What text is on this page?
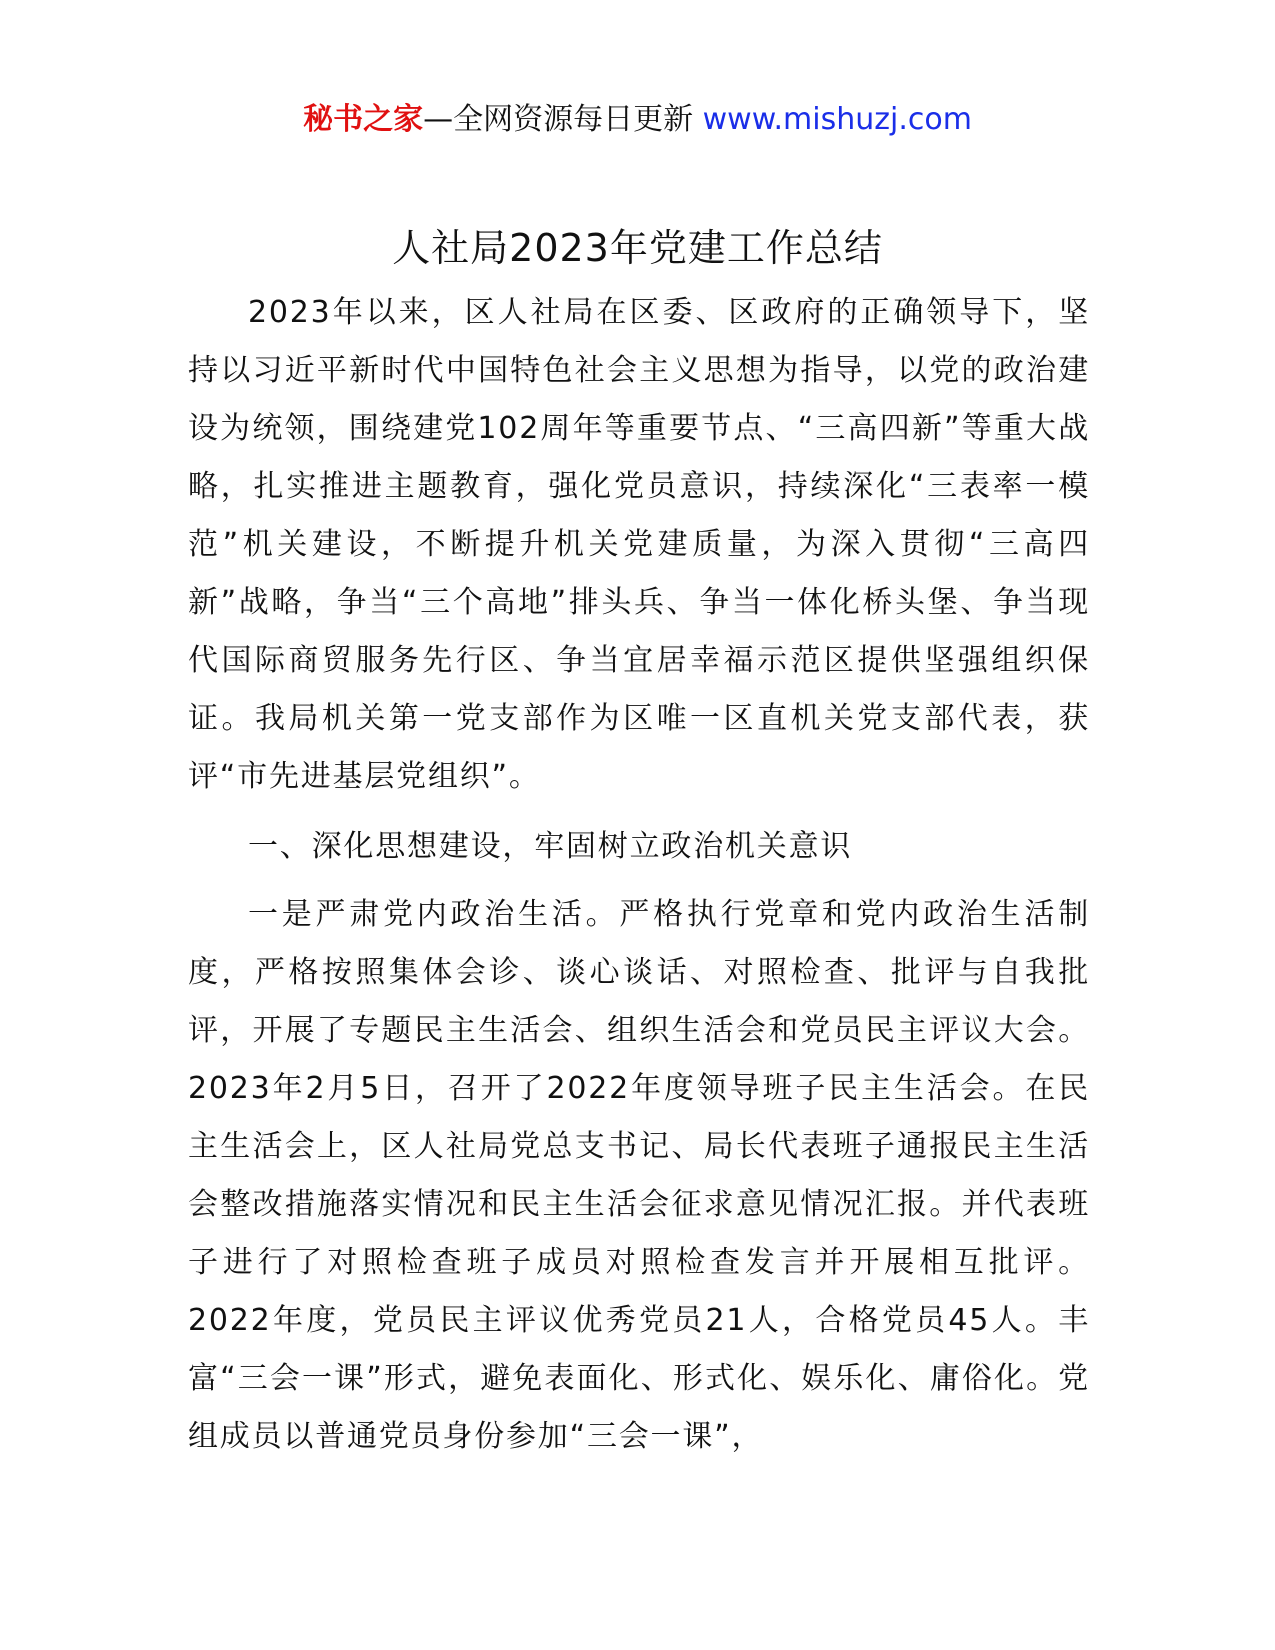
秘书之家—全网资源每日更新 www.mishuzj.com
人社局2023年党建工作总结

2023年以来，区人社局在区委、区政府的正确领导下，坚持以习近平新时代中国特色社会主义思想为指导，以党的政治建设为统领，围绕建党102周年等重要节点、“三高四新”等重大战略，扎实推进主题教育，强化党员意识，持续深化“三表率一模范”机关建设，不断提升机关党建质量，为深入贯彻“三高四新”战略，争当“三个高地”排头兵、争当一体化桥头堡、争当现代国际商贸服务先行区、争当宜居幸福示范区提供坚强组织保证。我局机关第一党支部作为区唯一区直机关党支部代表，获评“市先进基层党组织”。

一、深化思想建设，牢固树立政治机关意识

一是严肃党内政治生活。严格执行党章和党内政治生活制度，严格按照集体会诊、谈心谈话、对照检查、批评与自我批评，开展了专题民主生活会、组织生活会和党员民主评议大会。2023年2月5日，召开了2022年度领导班子民主生活会。在民主生活会上，区人社局党总支书记、局长代表班子通报民主生活会整改措施落实情况和民主生活会征求意见情况汇报。并代表班子进行了对照检查班子成员对照检查发言并开展相互批评。2022年度，党员民主评议优秀党员21人，合格党员45人。丰富“三会一课”形式，避免表面化、形式化、娱乐化、庸俗化。党组成员以普通党员身份参加“三会一课”，
